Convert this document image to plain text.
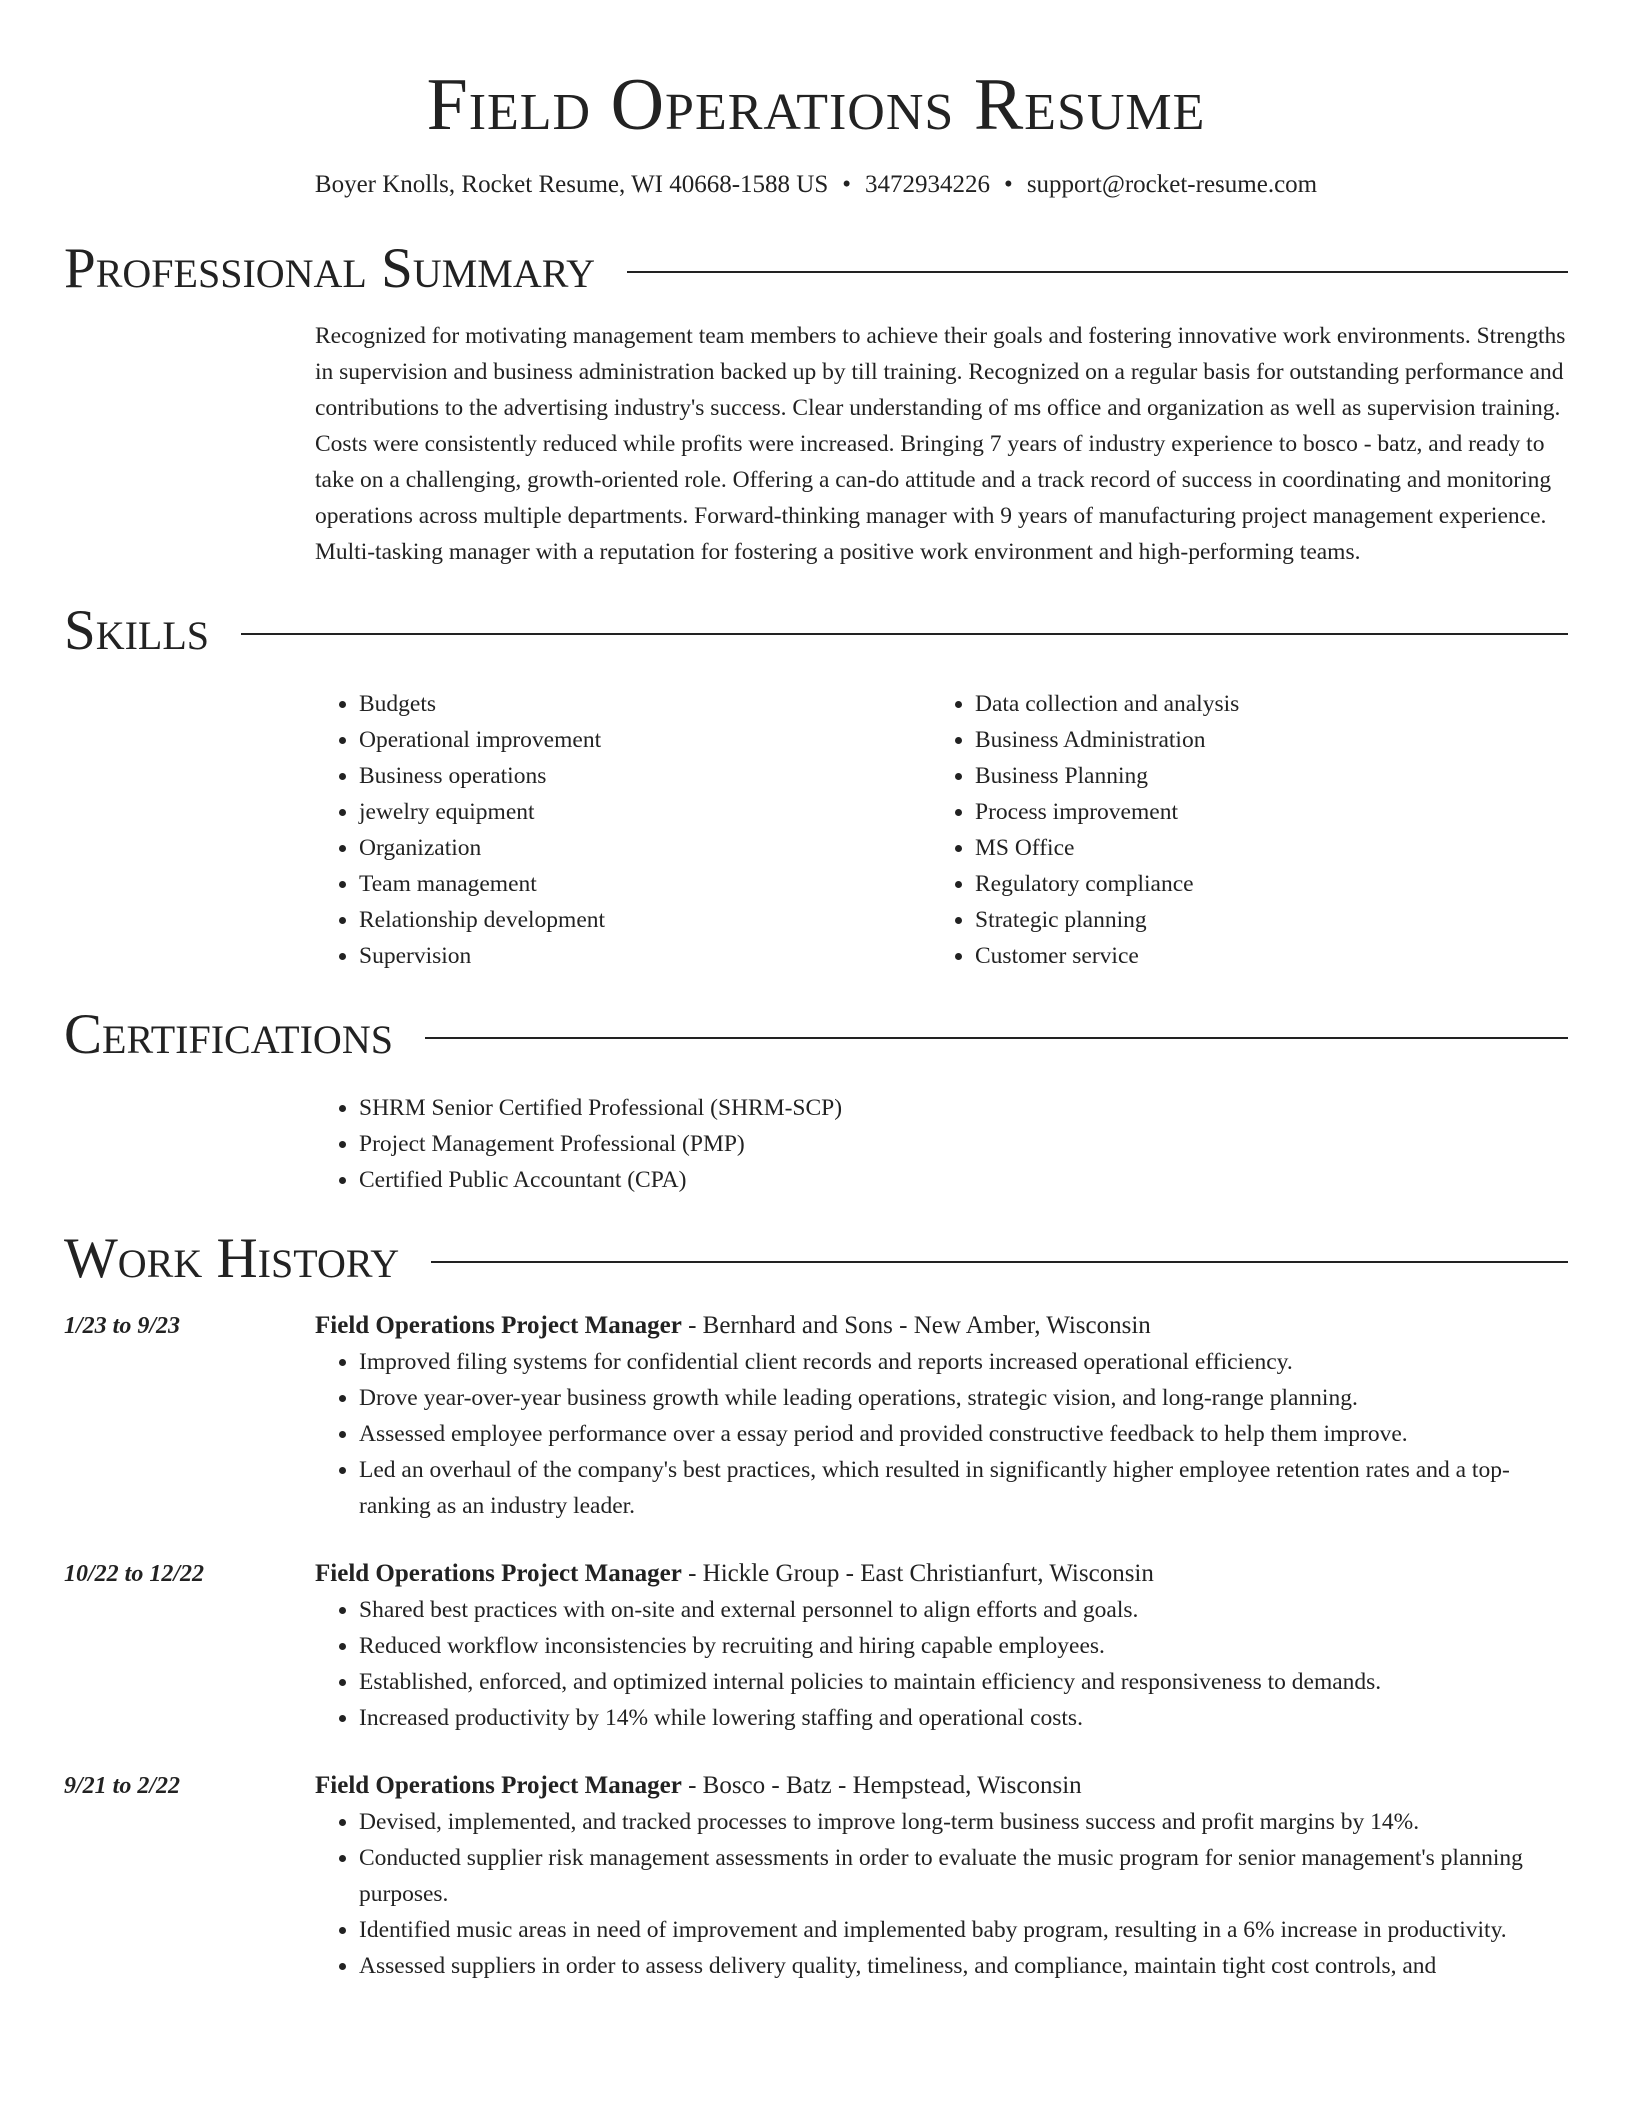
Field Operations Resume
Boyer Knolls, Rocket Resume, WI 40668-1588 US • 3472934226 • support@rocket-resume.com
Professional Summary
Recognized for motivating management team members to achieve their goals and fostering innovative work environments. Strengths in supervision and business administration backed up by till training. Recognized on a regular basis for outstanding performance and contributions to the advertising industry's success. Clear understanding of ms office and organization as well as supervision training. Costs were consistently reduced while profits were increased. Bringing 7 years of industry experience to bosco - batz, and ready to take on a challenging, growth-oriented role. Offering a can-do attitude and a track record of success in coordinating and monitoring operations across multiple departments. Forward-thinking manager with 9 years of manufacturing project management experience. Multi-tasking manager with a reputation for fostering a positive work environment and high-performing teams.
Skills
• Budgets
• Operational improvement
• Business operations
• jewelry equipment
• Organization
• Team management
• Relationship development
• Supervision
• Data collection and analysis
• Business Administration
• Business Planning
• Process improvement
• MS Office
• Regulatory compliance
• Strategic planning
• Customer service
Certifications
• SHRM Senior Certified Professional (SHRM-SCP)
• Project Management Professional (PMP)
• Certified Public Accountant (CPA)
Work History
1/23 to 9/23	Field Operations Project Manager - Bernhard and Sons - New Amber, Wisconsin
• Improved filing systems for confidential client records and reports increased operational efficiency.
• Drove year-over-year business growth while leading operations, strategic vision, and long-range planning.
• Assessed employee performance over a essay period and provided constructive feedback to help them improve.
• Led an overhaul of the company's best practices, which resulted in significantly higher employee retention rates and a top-ranking as an industry leader.
10/22 to 12/22	Field Operations Project Manager - Hickle Group - East Christianfurt, Wisconsin
• Shared best practices with on-site and external personnel to align efforts and goals.
• Reduced workflow inconsistencies by recruiting and hiring capable employees.
• Established, enforced, and optimized internal policies to maintain efficiency and responsiveness to demands.
• Increased productivity by 14% while lowering staffing and operational costs.
9/21 to 2/22	Field Operations Project Manager - Bosco - Batz - Hempstead, Wisconsin
• Devised, implemented, and tracked processes to improve long-term business success and profit margins by 14%.
• Conducted supplier risk management assessments in order to evaluate the music program for senior management's planning purposes.
• Identified music areas in need of improvement and implemented baby program, resulting in a 6% increase in productivity.
• Assessed suppliers in order to assess delivery quality, timeliness, and compliance, maintain tight cost controls, and
